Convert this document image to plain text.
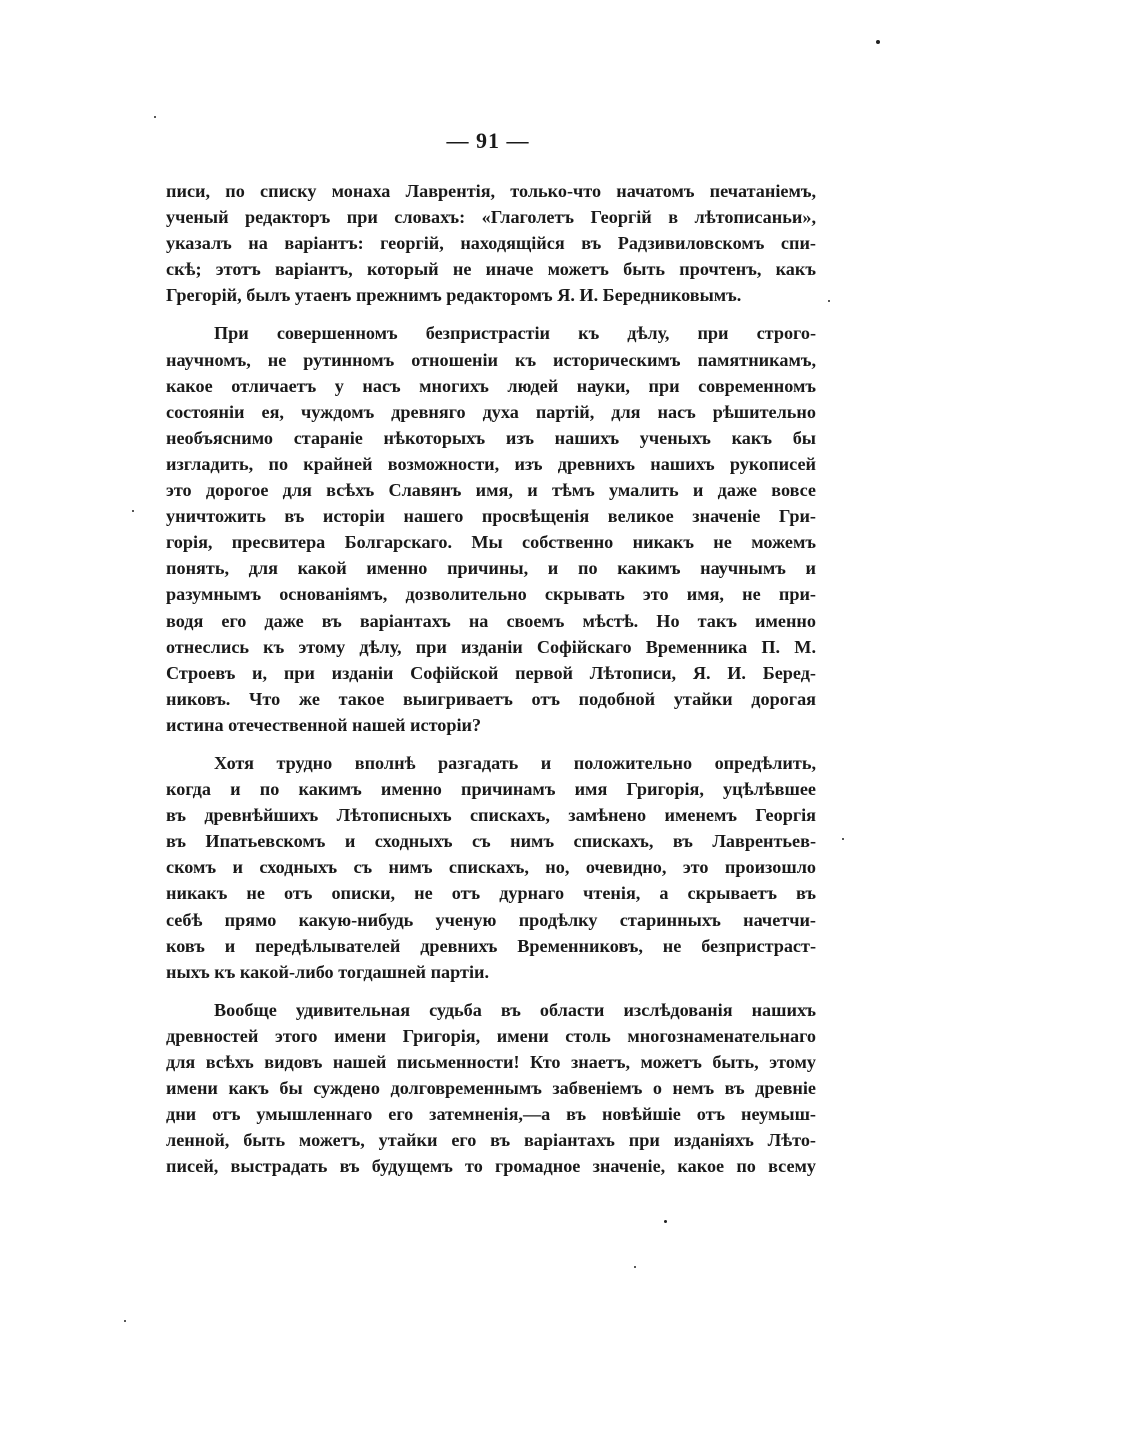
— 91 —
писи, по списку монаха Лаврентія, только-что начатомъ печатаніемъ,
ученый редакторъ при словахъ: «Глаголетъ Георгій в лѣтописаньи»,
указалъ на варіантъ: георгій, находящійся въ Радзивиловскомъ спи-
скѣ; этотъ варіантъ, который не иначе можетъ быть прочтенъ, какъ
Грегорій, былъ утаенъ прежнимъ редакторомъ Я. И. Бередниковымъ.
При совершенномъ безпристрастіи къ дѣлу, при строго-
научномъ, не рутинномъ отношеніи къ историческимъ памятникамъ,
какое отличаетъ у насъ многихъ людей науки, при современномъ
состояніи ея, чуждомъ древняго духа партій, для насъ рѣшительно
необъяснимо стараніе нѣкоторыхъ изъ нашихъ ученыхъ какъ бы
изгладить, по крайней возможности, изъ древнихъ нашихъ рукописей
это дорогое для всѣхъ Славянъ имя, и тѣмъ умалить и даже вовсе
уничтожить въ исторіи нашего просвѣщенія великое значеніе Гри-
горія, пресвитера Болгарскаго. Мы собственно никакъ не можемъ
понять, для какой именно причины, и по какимъ научнымъ и
разумнымъ основаніямъ, дозволительно скрывать это имя, не при-
водя его даже въ варіантахъ на своемъ мѣстѣ. Но такъ именно
отнеслись къ этому дѣлу, при изданіи Софійскаго Временника П. М.
Строевъ и, при изданіи Софійской первой Лѣтописи, Я. И. Беред-
никовъ. Что же такое выигриваетъ отъ подобной утайки дорогая
истина отечественной нашей исторіи?
Хотя трудно вполнѣ разгадать и положительно опредѣлить,
когда и по какимъ именно причинамъ имя Григорія, уцѣлѣвшее
въ древнѣйшихъ Лѣтописныхъ спискахъ, замѣнено именемъ Георгія
въ Ипатьевскомъ и сходныхъ съ нимъ спискахъ, въ Лаврентьев-
скомъ и сходныхъ съ нимъ спискахъ, но, очевидно, это произошло
никакъ не отъ описки, не отъ дурнаго чтенія, а скрываетъ въ
себѣ прямо какую-нибудь ученую продѣлку старинныхъ начетчи-
ковъ и передѣлывателей древнихъ Временниковъ, не безпристраст-
ныхъ къ какой-либо тогдашней партіи.
Вообще удивительная судьба въ области изслѣдованія нашихъ
древностей этого имени Григорія, имени столь многознаменательнаго
для всѣхъ видовъ нашей письменности! Кто знаетъ, можетъ быть, этому
имени какъ бы суждено долговременнымъ забвеніемъ о немъ въ древніе
дни отъ умышленнаго его затемненія,—а въ новѣйшіе отъ неумыш-
ленной, быть можетъ, утайки его въ варіантахъ при изданіяхъ Лѣто-
писей, выстрадать въ будущемъ то громадное значеніе, какое по всему
